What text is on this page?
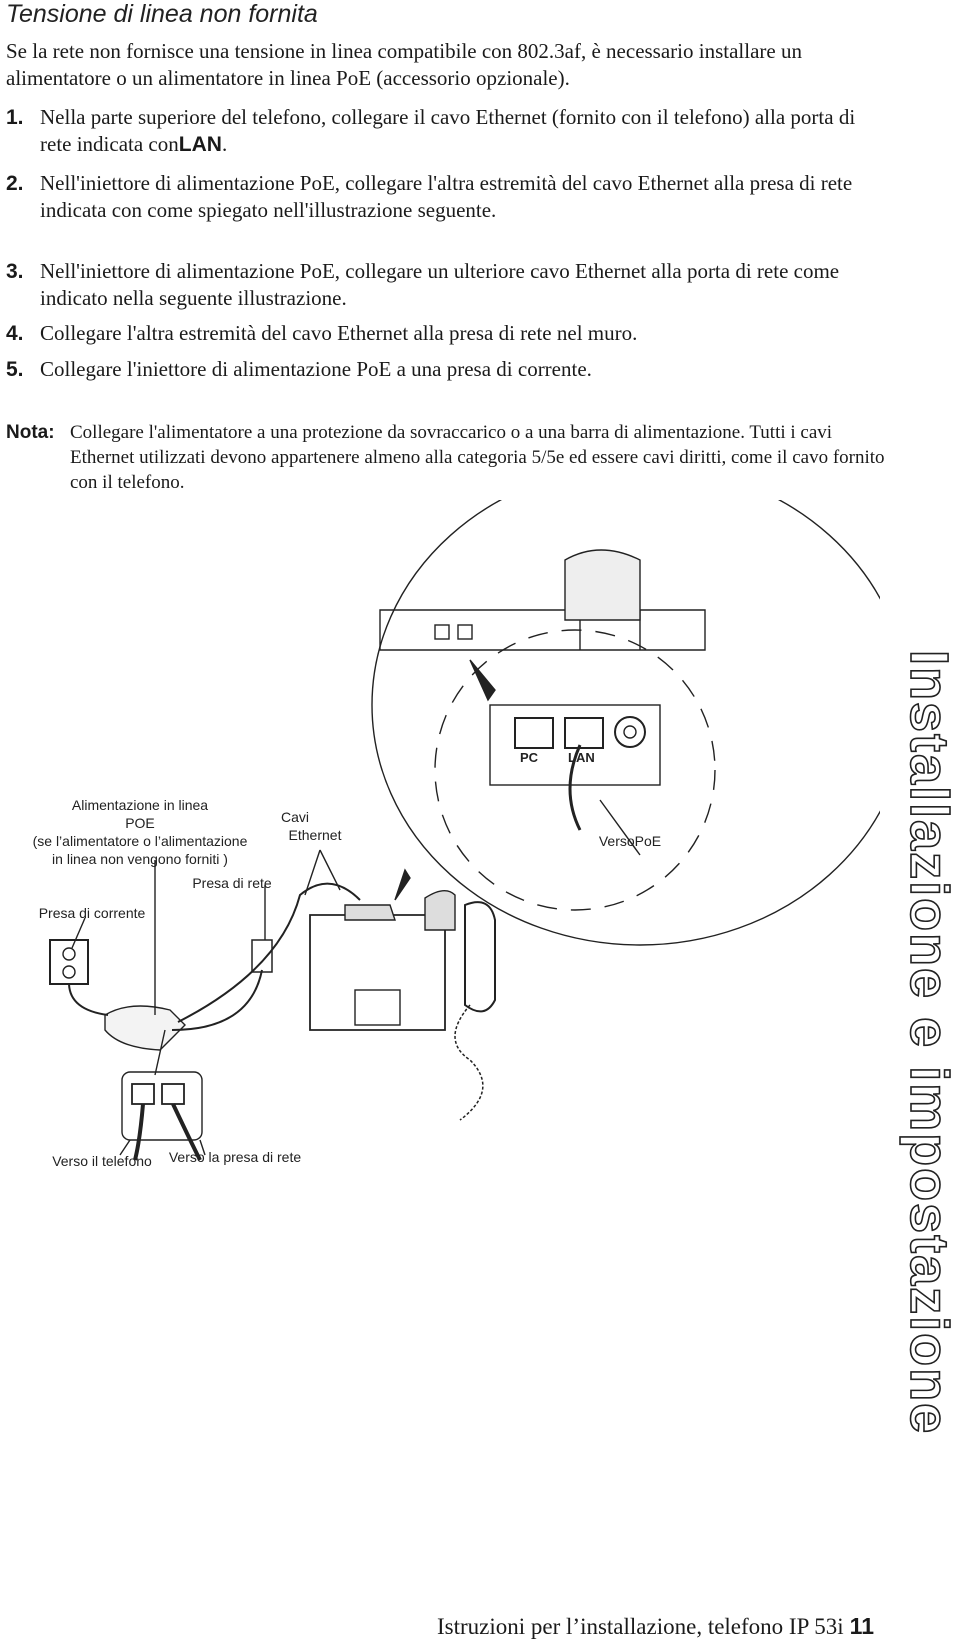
Tensione di linea non fornita
Se la rete non fornisce una tensione in linea compatibile con 802.3af, è necessario installare un alimentatore o un alimentatore in linea PoE (accessorio opzionale).
1. Nella parte superiore del telefono, collegare il cavo Ethernet (fornito con il telefono) alla porta di rete indicata conLAN.
2. Nell'iniettore di alimentazione PoE, collegare l'altra estremità del cavo Ethernet alla presa di rete indicata con come spiegato nell'illustrazione seguente.
3. Nell'iniettore di alimentazione PoE, collegare un ulteriore cavo Ethernet alla porta di rete come indicato nella seguente illustrazione.
4. Collegare l'altra estremità del cavo Ethernet alla presa di rete nel muro.
5. Collegare l'iniettore di alimentazione PoE a una presa di corrente.
Nota: Collegare l'alimentatore a una protezione da sovraccarico o a una barra di alimentazione. Tutti i cavi Ethernet utilizzati devono appartenere almeno alla categoria 5/5e ed essere cavi diritti, come il cavo fornito con il telefono.
PC LAN
Alimentazione in linea
POE
(se l’alimentatore o l’alimentazione
in linea non vengono forniti )
Cavi
Ethernet
Presa di rete
Presa di corrente
Verso il telefono Verso la presa di rete
VersoPoE	Installazione e impostazione
Istruzioni per l’installazione, telefono IP 53i 11
